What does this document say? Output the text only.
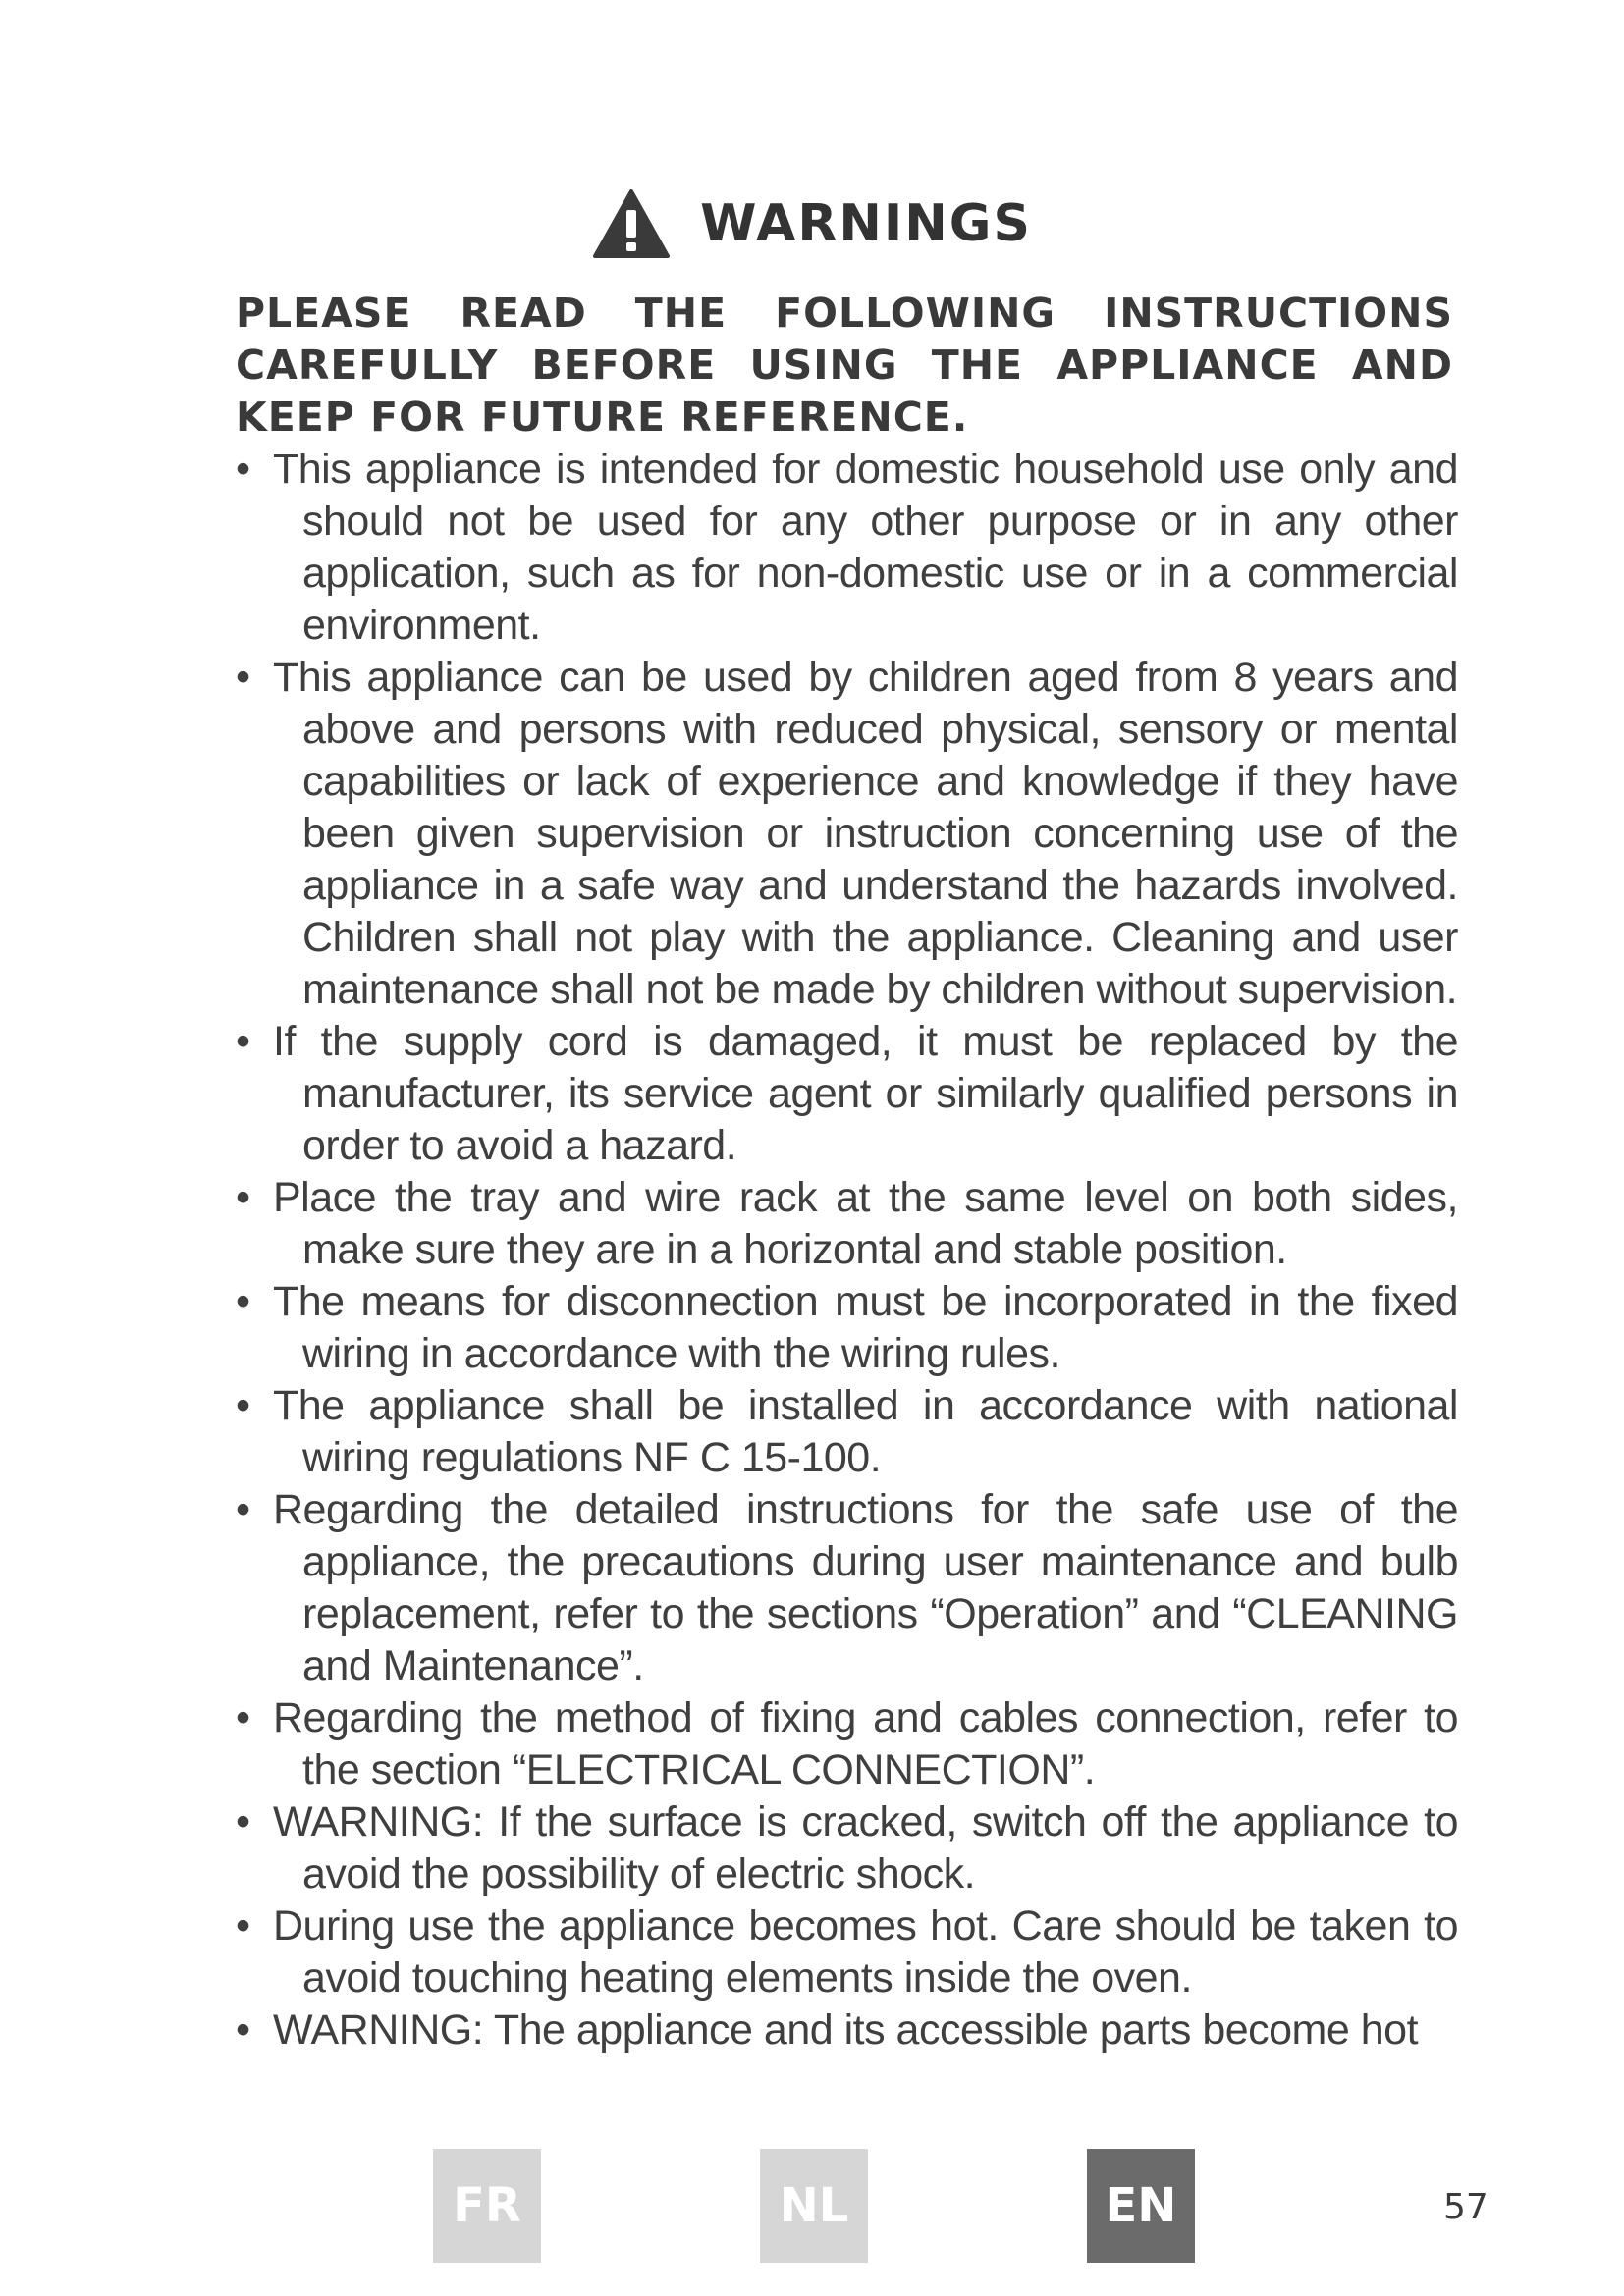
WARNINGS
PLEASE READ THE FOLLOWING INSTRUCTIONS CAREFULLY BEFORE USING THE APPLIANCE AND KEEP FOR FUTURE REFERENCE.
• This appliance is intended for domestic household use only and should not be used for any other purpose or in any other application, such as for non-domestic use or in a commercial environment.
• This appliance can be used by children aged from 8 years and above and persons with reduced physical, sensory or mental capabilities or lack of experience and knowledge if they have been given supervision or instruction concerning use of the appliance in a safe way and understand the hazards involved. Children shall not play with the appliance. Cleaning and user maintenance shall not be made by children without supervision.
• If the supply cord is damaged, it must be replaced by the manufacturer, its service agent or similarly qualified persons in order to avoid a hazard.
• Place the tray and wire rack at the same level on both sides, make sure they are in a horizontal and stable position.
• The means for disconnection must be incorporated in the fixed wiring in accordance with the wiring rules.
• The appliance shall be installed in accordance with national wiring regulations NF C 15-100.
• Regarding the detailed instructions for the safe use of the appliance, the precautions during user maintenance and bulb replacement, refer to the sections “Operation” and “CLEANING and Maintenance”.
• Regarding the method of fixing and cables connection, refer to the section “ELECTRICAL CONNECTION”.
• WARNING: If the surface is cracked, switch off the appliance to avoid the possibility of electric shock.
• During use the appliance becomes hot. Care should be taken to avoid touching heating elements inside the oven.
• WARNING: The appliance and its accessible parts become hot
FR	NL	EN	57
